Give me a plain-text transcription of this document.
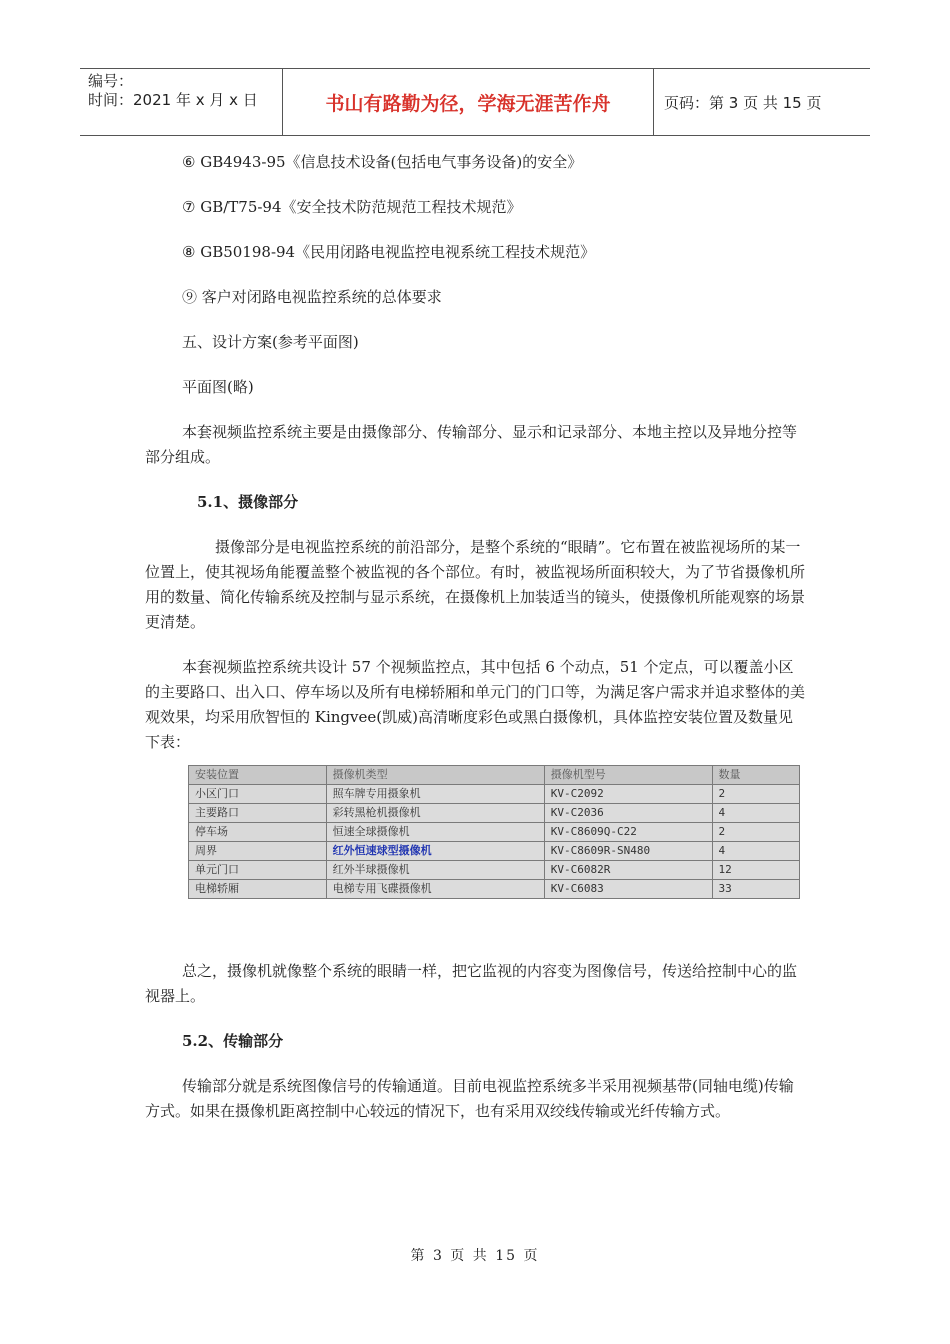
编号：
时间：2021 年 x 月 x 日	书山有路勤为径，学海无涯苦作舟	页码：第 3 页 共 15 页

⑥ GB4943-95《信息技术设备(包括电气事务设备)的安全》

⑦ GB/T75-94《安全技术防范规范工程技术规范》

⑧ GB50198-94《民用闭路电视监控电视系统工程技术规范》

⑨ 客户对闭路电视监控系统的总体要求

五、设计方案(参考平面图)

平面图(略)

本套视频监控系统主要是由摄像部分、传输部分、显示和记录部分、本地主控以及异地分控等部分组成。

5.1、摄像部分

摄像部分是电视监控系统的前沿部分，是整个系统的“眼睛”。它布置在被监视场所的某一位置上，使其视场角能覆盖整个被监视的各个部位。有时，被监视场所面积较大，为了节省摄像机所用的数量、简化传输系统及控制与显示系统，在摄像机上加装适当的镜头，使摄像机所能观察的场景更清楚。

本套视频监控系统共设计 57 个视频监控点，其中包括 6 个动点，51 个定点，可以覆盖小区的主要路口、出入口、停车场以及所有电梯轿厢和单元门的门口等，为满足客户需求并追求整体的美观效果，均采用欣智恒的 Kingvee(凯威)高清晰度彩色或黑白摄像机，具体监控安装位置及数量见下表：

安装位置	摄像机类型	摄像机型号	数量
小区门口	照车牌专用摄象机	KV-C2092	2
主要路口	彩转黑枪机摄像机	KV-C2036	4
停车场	恒速全球摄像机	KV-C8609Q-C22	2
周界	红外恒速球型摄像机	KV-C8609R-SN480	4
单元门口	红外半球摄像机	KV-C6082R	12
电梯轿厢	电梯专用飞碟摄像机	KV-C6083	33

总之，摄像机就像整个系统的眼睛一样，把它监视的内容变为图像信号，传送给控制中心的监视器上。

5.2、传输部分

传输部分就是系统图像信号的传输通道。目前电视监控系统多半采用视频基带(同轴电缆)传输方式。如果在摄像机距离控制中心较远的情况下，也有采用双绞线传输或光纤传输方式。

第 3 页 共 15 页
